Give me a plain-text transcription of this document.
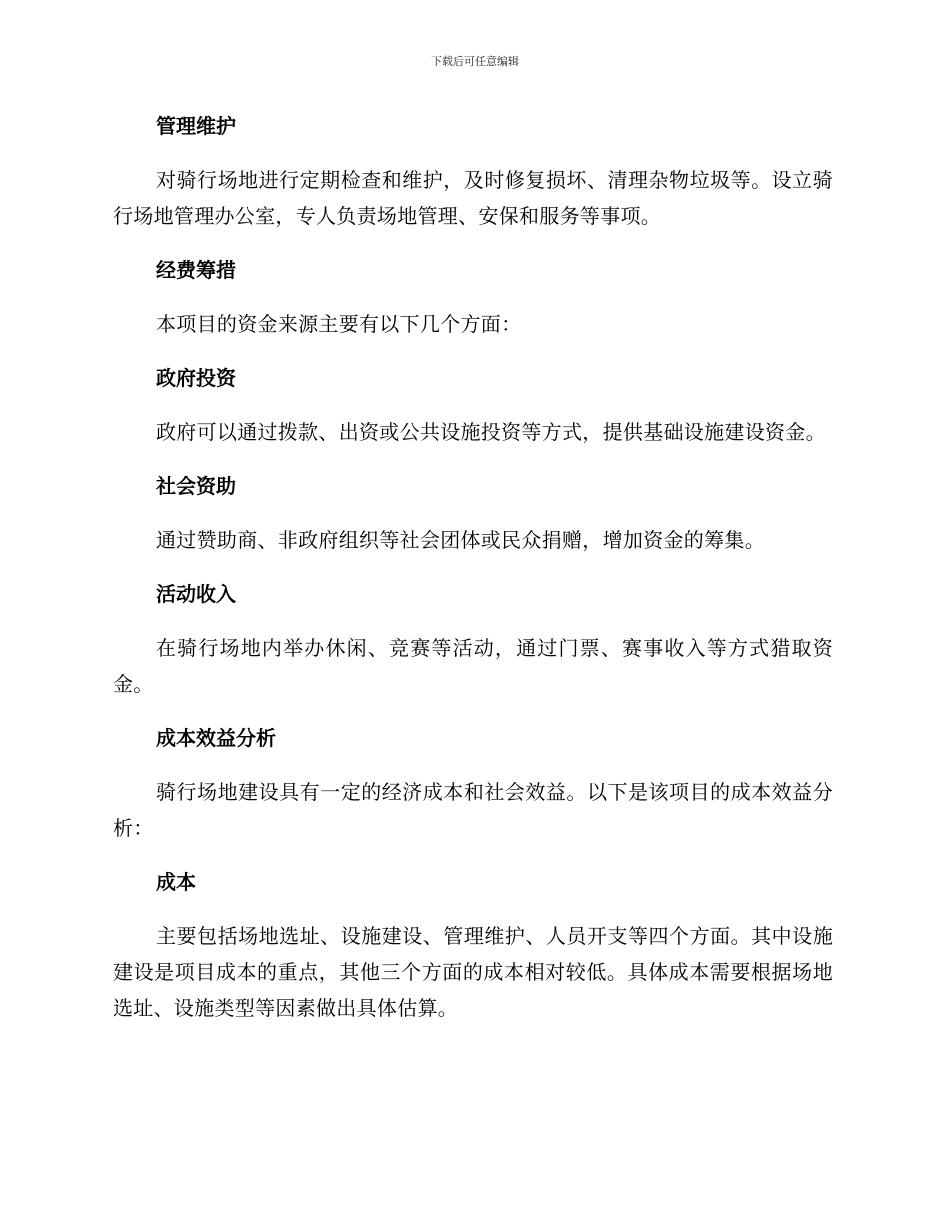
下载后可任意编辑
管理维护

对骑行场地进行定期检查和维护，及时修复损坏、清理杂物垃圾等。设立骑行场地管理办公室，专人负责场地管理、安保和服务等事项。

经费筹措

本项目的资金来源主要有以下几个方面：

政府投资

政府可以通过拨款、出资或公共设施投资等方式，提供基础设施建设资金。

社会资助

通过赞助商、非政府组织等社会团体或民众捐赠，增加资金的筹集。

活动收入

在骑行场地内举办休闲、竞赛等活动，通过门票、赛事收入等方式猎取资金。

成本效益分析

骑行场地建设具有一定的经济成本和社会效益。以下是该项目的成本效益分析：

成本

主要包括场地选址、设施建设、管理维护、人员开支等四个方面。其中设施建设是项目成本的重点，其他三个方面的成本相对较低。具体成本需要根据场地选址、设施类型等因素做出具体估算。
